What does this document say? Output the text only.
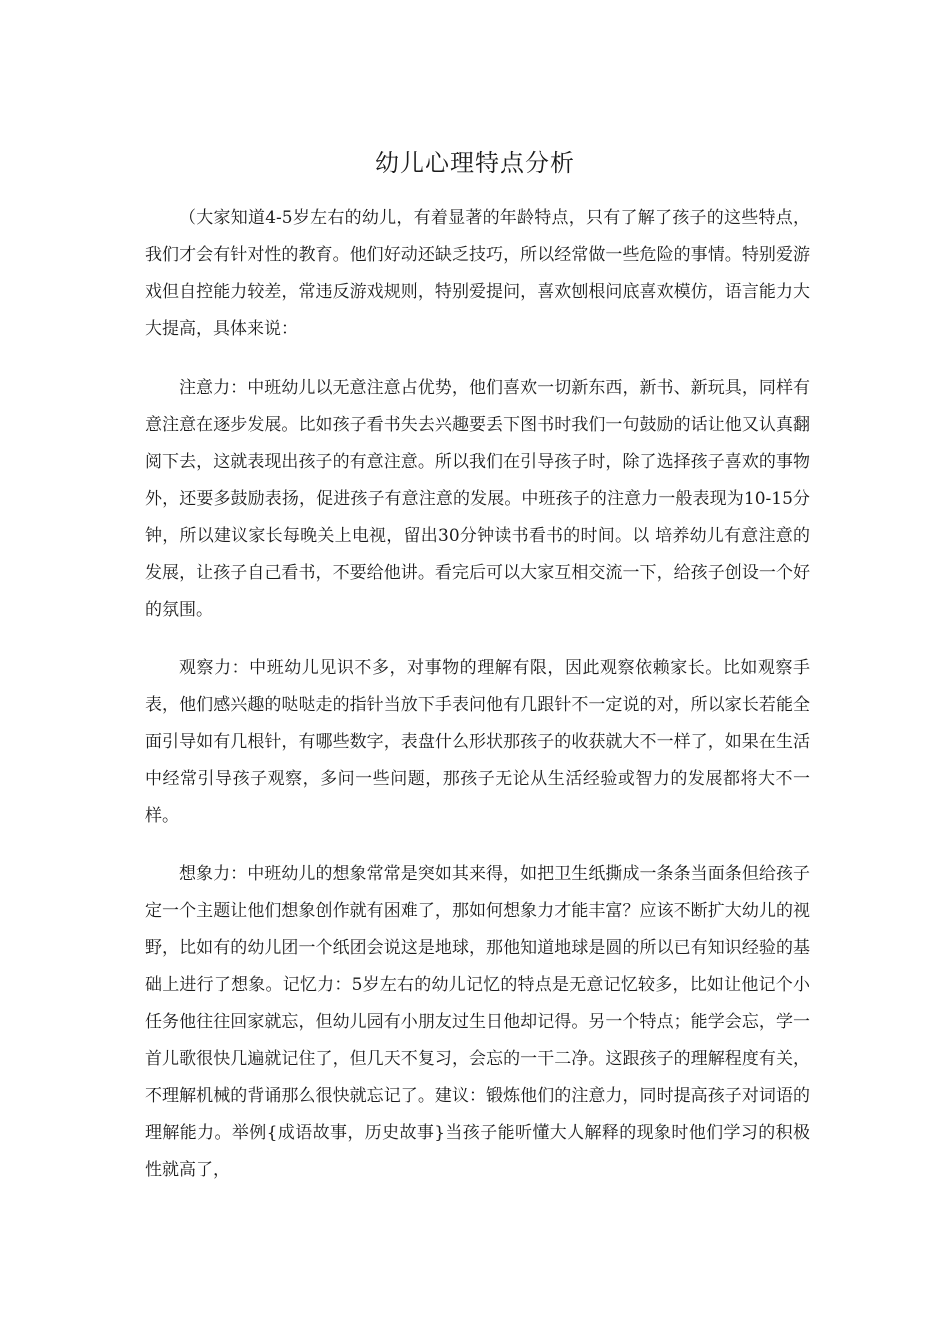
幼儿心理特点分析

（大家知道4-5岁左右的幼儿，有着显著的年龄特点，只有了解了孩子的这些特点，我们才会有针对性的教育。他们好动还缺乏技巧，所以经常做一些危险的事情。特别爱游戏但自控能力较差，常违反游戏规则，特别爱提问，喜欢刨根问底喜欢模仿，语言能力大大提高，具体来说：

注意力：中班幼儿以无意注意占优势，他们喜欢一切新东西，新书、新玩具，同样有意注意在逐步发展。比如孩子看书失去兴趣要丢下图书时我们一句鼓励的话让他又认真翻阅下去，这就表现出孩子的有意注意。所以我们在引导孩子时，除了选择孩子喜欢的事物外，还要多鼓励表扬，促进孩子有意注意的发展。中班孩子的注意力一般表现为10-15分钟，所以建议家长每晚关上电视，留出30分钟读书看书的时间。以 培养幼儿有意注意的发展，让孩子自己看书，不要给他讲。看完后可以大家互相交流一下，给孩子创设一个好的氛围。

观察力：中班幼儿见识不多，对事物的理解有限，因此观察依赖家长。比如观察手表，他们感兴趣的哒哒走的指针当放下手表问他有几跟针不一定说的对，所以家长若能全面引导如有几根针，有哪些数字，表盘什么形状那孩子的收获就大不一样了，如果在生活中经常引导孩子观察，多问一些问题，那孩子无论从生活经验或智力的发展都将大不一样。

想象力：中班幼儿的想象常常是突如其来得，如把卫生纸撕成一条条当面条但给孩子定一个主题让他们想象创作就有困难了，那如何想象力才能丰富？应该不断扩大幼儿的视野，比如有的幼儿团一个纸团会说这是地球，那他知道地球是圆的所以已有知识经验的基础上进行了想象。记忆力：5岁左右的幼儿记忆的特点是无意记忆较多，比如让他记个小任务他往往回家就忘，但幼儿园有小朋友过生日他却记得。另一个特点；能学会忘，学一首儿歌很快几遍就记住了，但几天不复习，会忘的一干二净。这跟孩子的理解程度有关，不理解机械的背诵那么很快就忘记了。建议：锻炼他们的注意力，同时提高孩子对词语的理解能力。举例{成语故事，历史故事}当孩子能听懂大人解释的现象时他们学习的积极性就高了，
